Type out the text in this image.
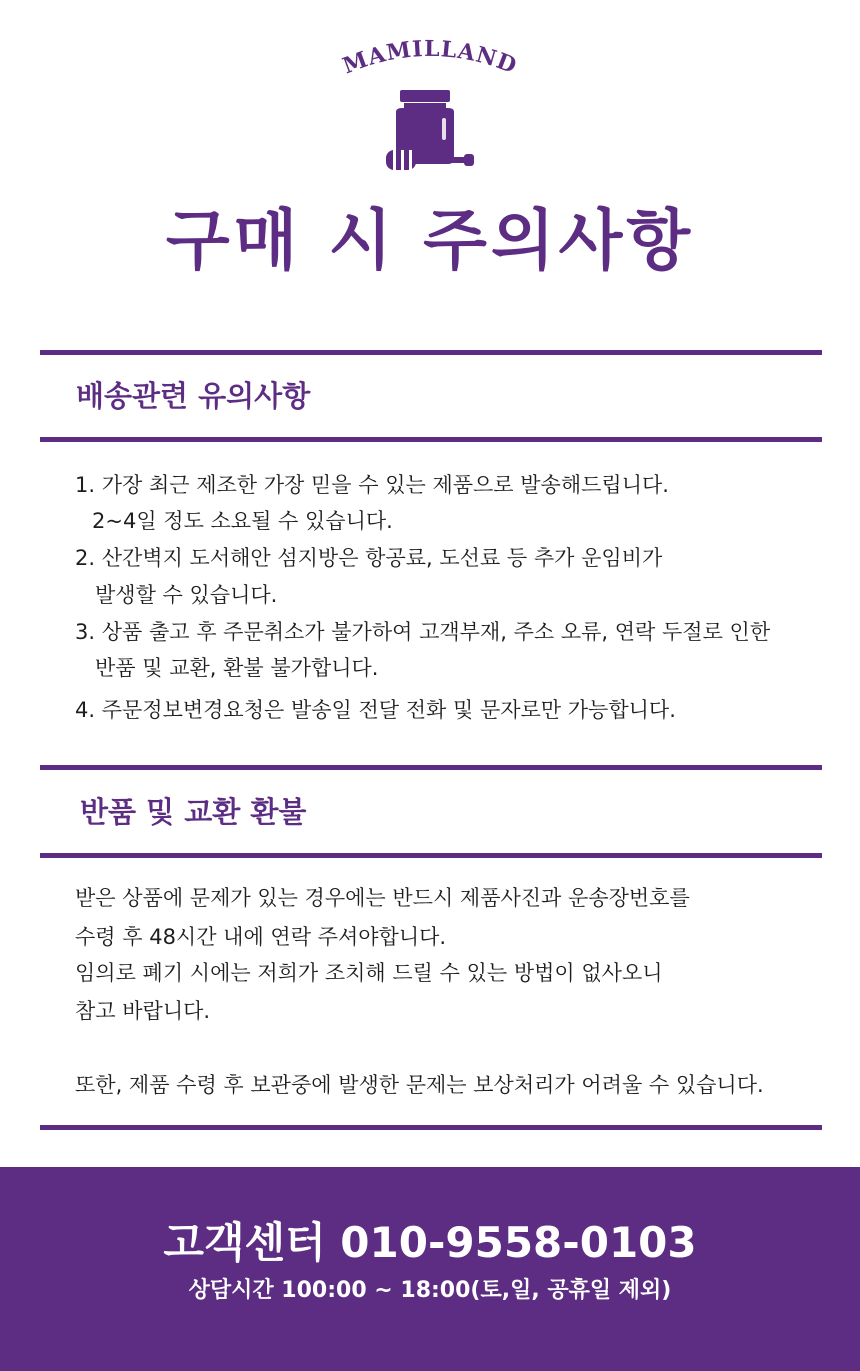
MAMILLAND
구매 시 주의사항
배송관련 유의사항
1. 가장 최근 제조한 가장 믿을 수 있는 제품으로 발송해드립니다.
2~4일 정도 소요될 수 있습니다.
2. 산간벽지 도서해안 섬지방은 항공료, 도선료 등 추가 운임비가
발생할 수 있습니다.
3. 상품 출고 후 주문취소가 불가하여 고객부재, 주소 오류, 연락 두절로 인한
반품 및 교환, 환불 불가합니다.
4. 주문정보변경요청은 발송일 전달 전화 및 문자로만 가능합니다.
반품 및 교환 환불
받은 상품에 문제가 있는 경우에는 반드시 제품사진과 운송장번호를
수령 후 48시간 내에 연락 주셔야합니다.
임의로 폐기 시에는 저희가 조치해 드릴 수 있는 방법이 없사오니
참고 바랍니다.
또한, 제품 수령 후 보관중에 발생한 문제는 보상처리가 어려울 수 있습니다.
고객센터 010-9558-0103
상담시간 100:00 ~ 18:00(토,일, 공휴일 제외)
